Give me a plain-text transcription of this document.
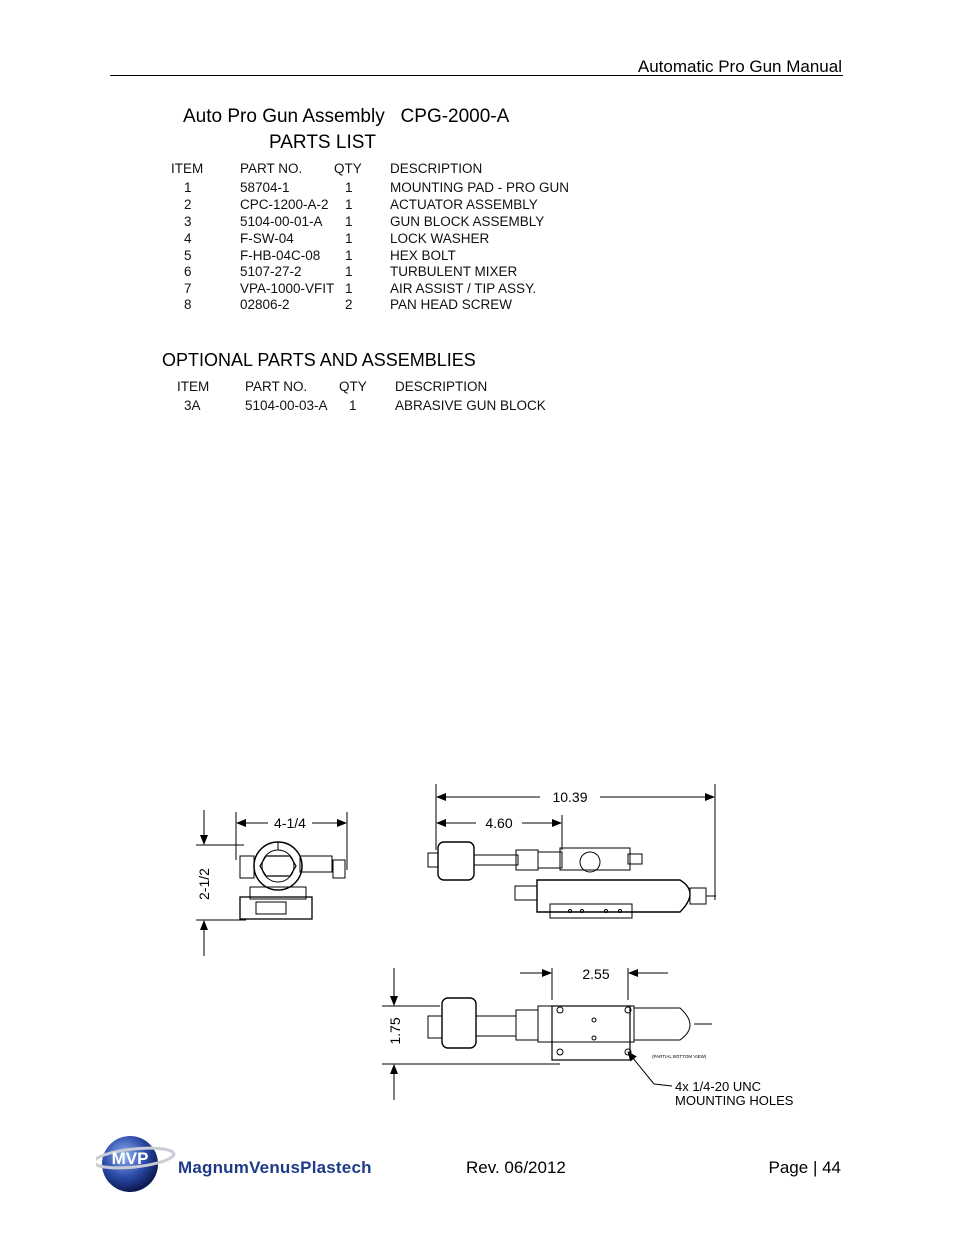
Automatic Pro Gun Manual
Auto Pro Gun Assembly   CPG-2000-A
PARTS LIST
ITEM	PART NO. QTY DESCRIPTION
1	58704-1	1	MOUNTING PAD - PRO GUN
2	CPC-1200-A-2 1	ACTUATOR ASSEMBLY
3	5104-00-01-A 1	GUN BLOCK ASSEMBLY
4	F-SW-04	1	LOCK WASHER
5	F-HB-04C-08 1	HEX BOLT
6	5107-27-2	1	TURBULENT MIXER
7	VPA-1000-VFIT 1	AIR ASSIST / TIP ASSY.
8	02806-2	2	PAN HEAD SCREW
OPTIONAL PARTS AND ASSEMBLIES
ITEM	PART NO. QTY DESCRIPTION
3A	5104-00-03-A 1	ABRASIVE GUN BLOCK
4-1/4
2-1/2
10.39
4.60
2.55
1.75
(PARTIAL BOTTOM VIEW)
4x 1/4-20 UNC
MOUNTING HOLES
MVP MagnumVenusPlastech	Rev. 06/2012	Page | 44
